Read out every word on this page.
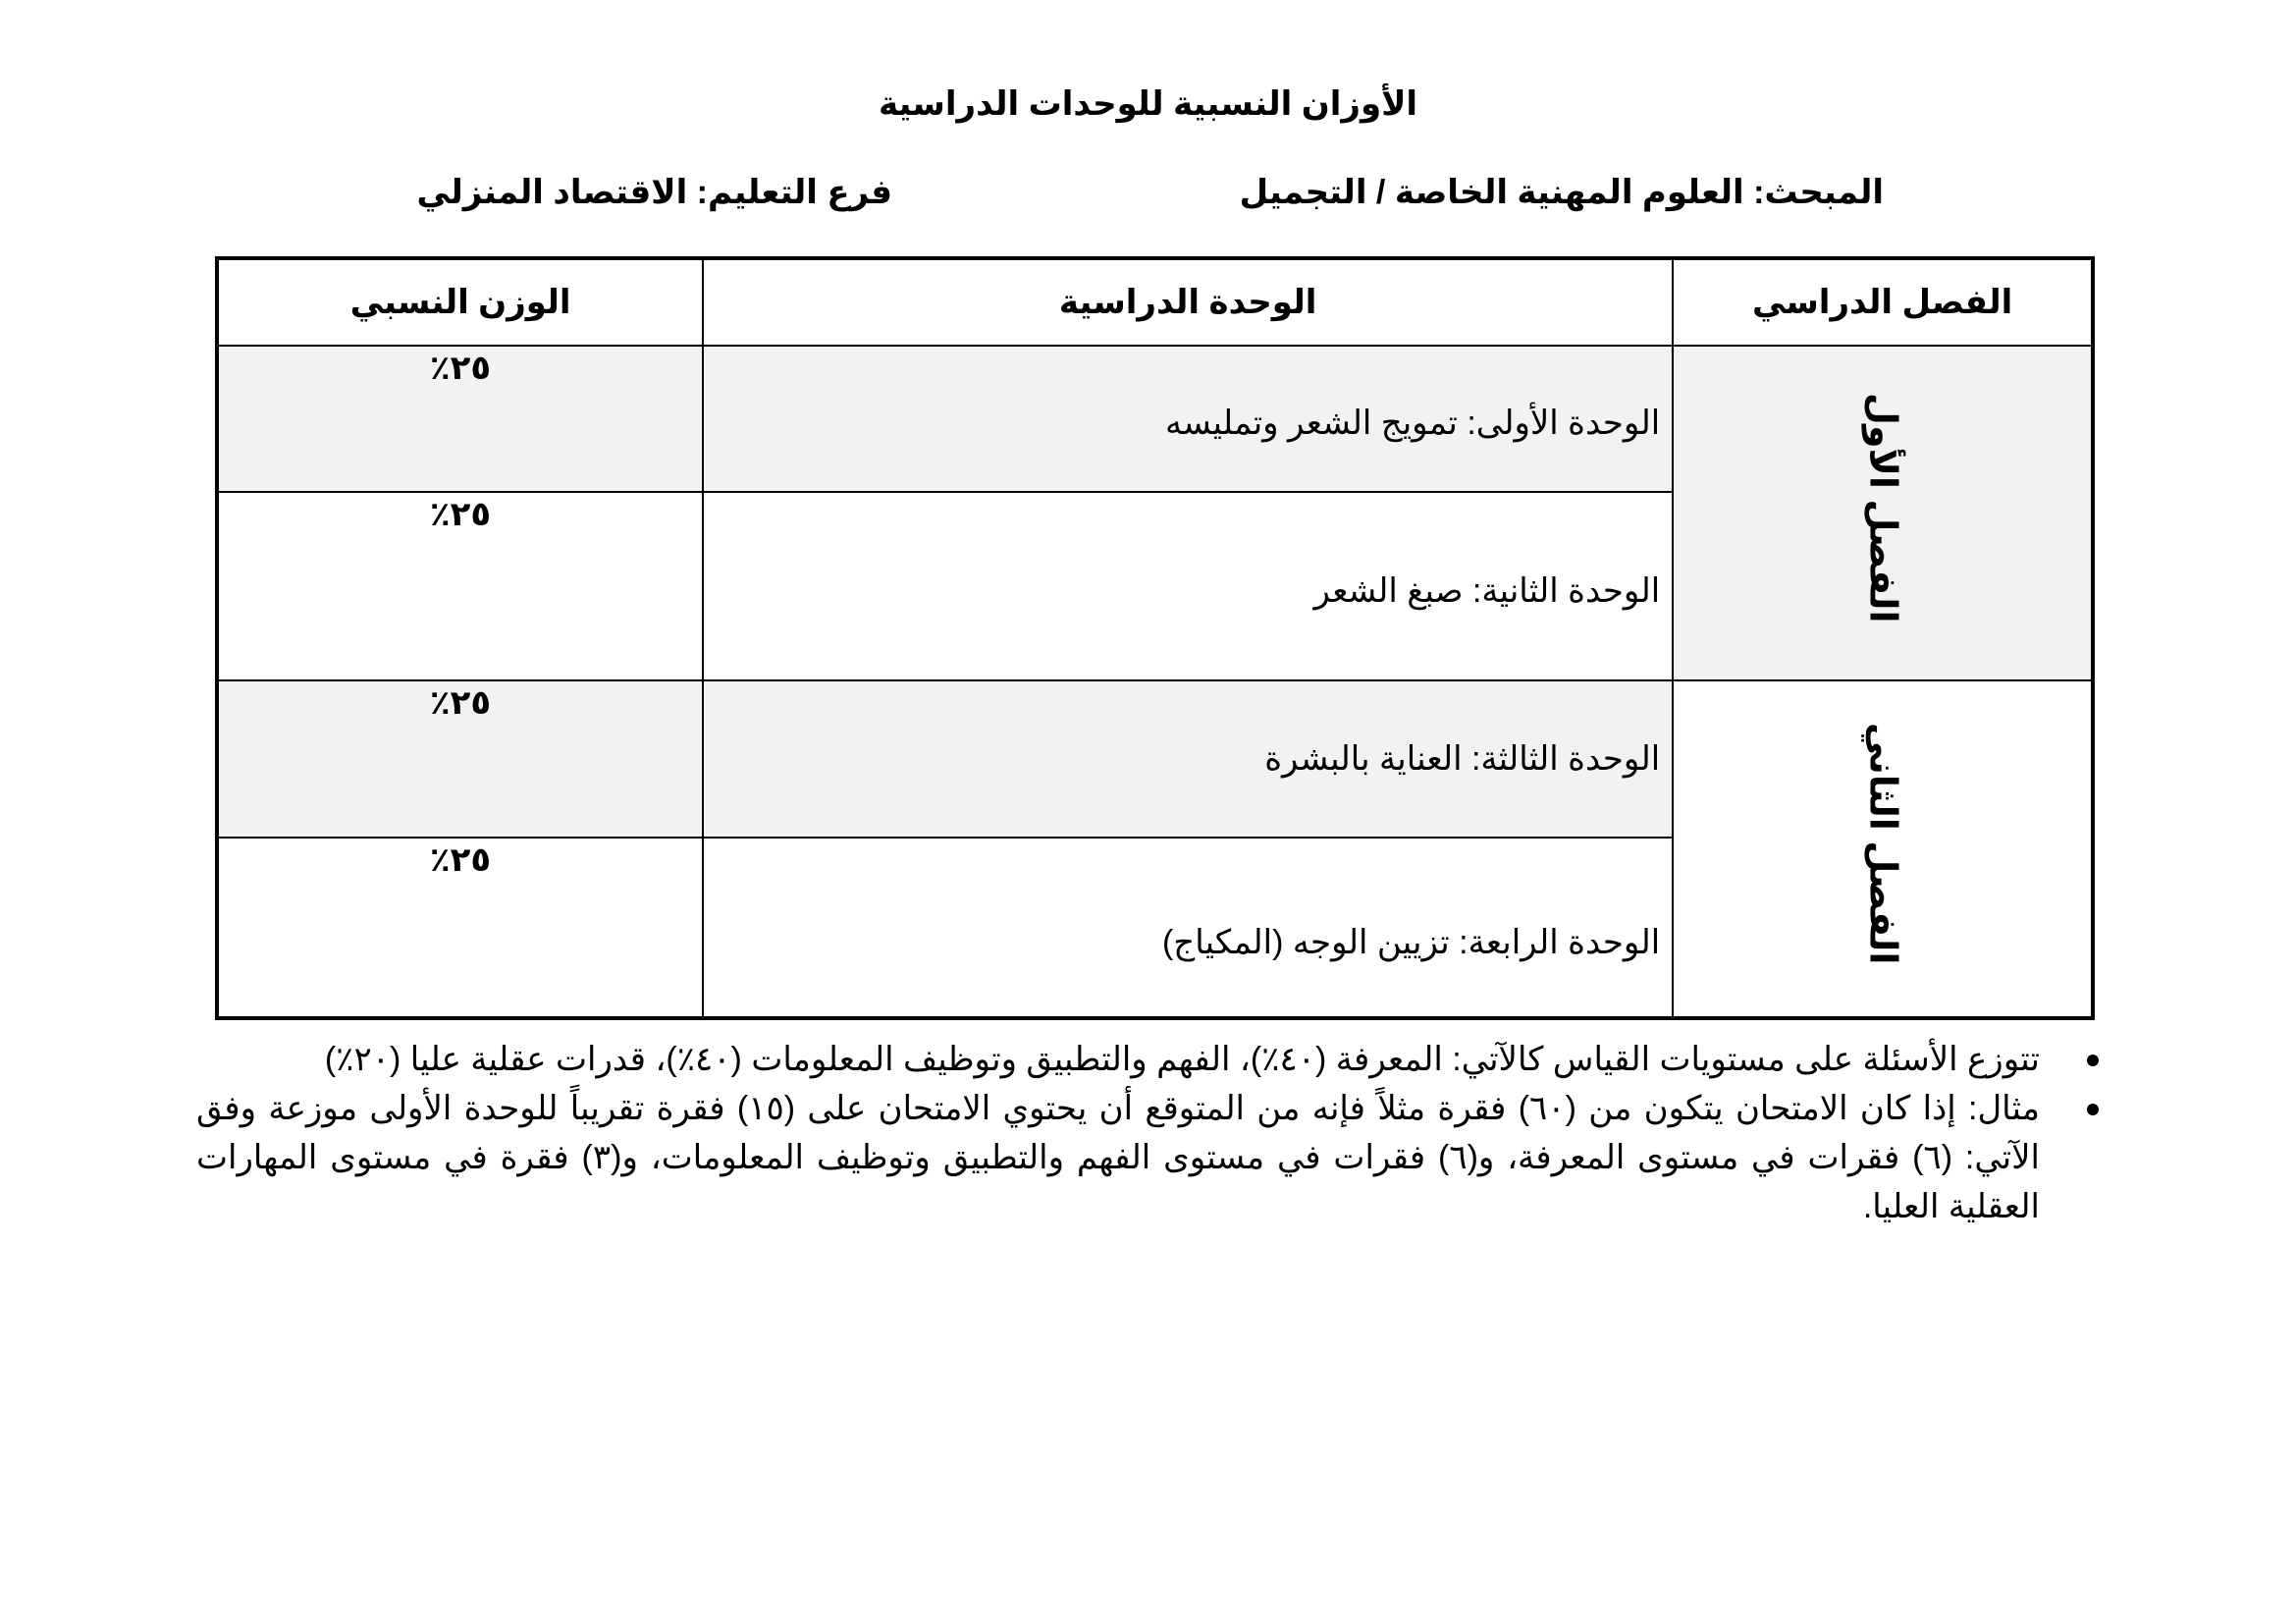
الأوزان النسبية للوحدات الدراسية
المبحث: العلوم المهنية الخاصة / التجميل
فرع التعليم: الاقتصاد المنزلي
الفصل الدراسي	الوحدة الدراسية	الوزن النسبي
الفصل الأول	الوحدة الأولى: تمويج الشعر وتمليسه	٪٢٥
	الوحدة الثانية: صبغ الشعر	٪٢٥
الفصل الثاني	الوحدة الثالثة: العناية بالبشرة	٪٢٥
	الوحدة الرابعة: تزيين الوجه (المكياج)	٪٢٥
تتوزع الأسئلة على مستويات القياس كالآتي: المعرفة (٤٠٪)، الفهم والتطبيق وتوظيف المعلومات (٤٠٪)، قدرات عقلية عليا (٢٠٪)
مثال: إذا كان الامتحان يتكون من (٦٠) فقرة مثلاً فإنه من المتوقع أن يحتوي الامتحان على (١٥) فقرة تقريباً للوحدة الأولى موزعة وفق الآتي: (٦) فقرات في مستوى المعرفة، و(٦) فقرات في مستوى الفهم والتطبيق وتوظيف المعلومات، و(٣) فقرة في مستوى المهارات العقلية العليا.
